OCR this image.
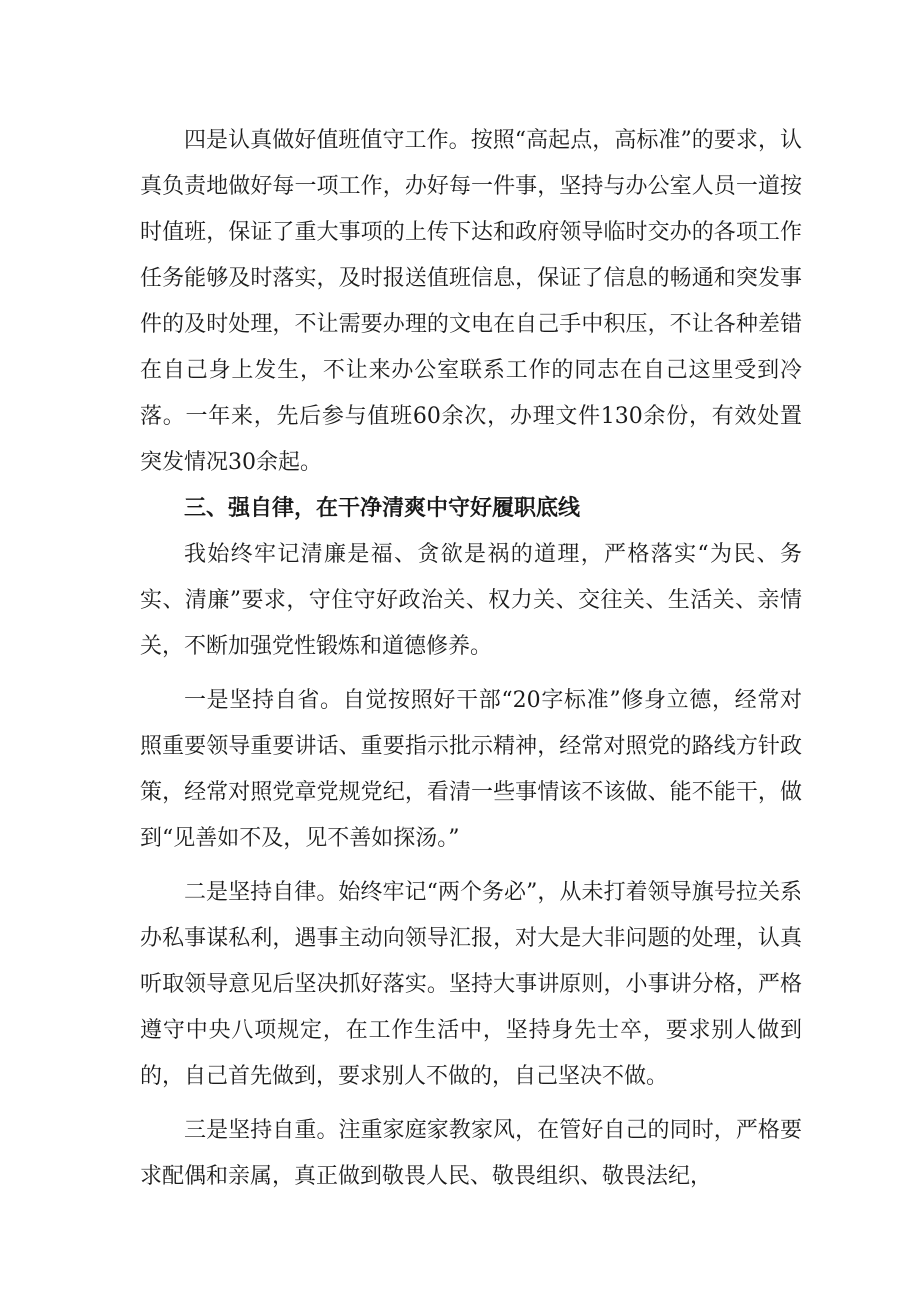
四是认真做好值班值守工作。按照“高起点，高标准”的要求，认真负责地做好每一项工作，办好每一件事，坚持与办公室人员一道按时值班，保证了重大事项的上传下达和政府领导临时交办的各项工作任务能够及时落实，及时报送值班信息，保证了信息的畅通和突发事件的及时处理，不让需要办理的文电在自己手中积压，不让各种差错在自己身上发生，不让来办公室联系工作的同志在自己这里受到冷落。一年来，先后参与值班60余次，办理文件130余份，有效处置突发情况30余起。

三、强自律，在干净清爽中守好履职底线

我始终牢记清廉是福、贪欲是祸的道理，严格落实“为民、务实、清廉”要求，守住守好政治关、权力关、交往关、生活关、亲情关，不断加强党性锻炼和道德修养。

一是坚持自省。自觉按照好干部“20字标准”修身立德，经常对照重要领导重要讲话、重要指示批示精神，经常对照党的路线方针政策，经常对照党章党规党纪，看清一些事情该不该做、能不能干，做到“见善如不及，见不善如探汤。”

二是坚持自律。始终牢记“两个务必”，从未打着领导旗号拉关系办私事谋私利，遇事主动向领导汇报，对大是大非问题的处理，认真听取领导意见后坚决抓好落实。坚持大事讲原则，小事讲分格，严格遵守中央八项规定，在工作生活中，坚持身先士卒，要求别人做到的，自己首先做到，要求别人不做的，自己坚决不做。

三是坚持自重。注重家庭家教家风，在管好自己的同时，严格要求配偶和亲属，真正做到敬畏人民、敬畏组织、敬畏法纪，
